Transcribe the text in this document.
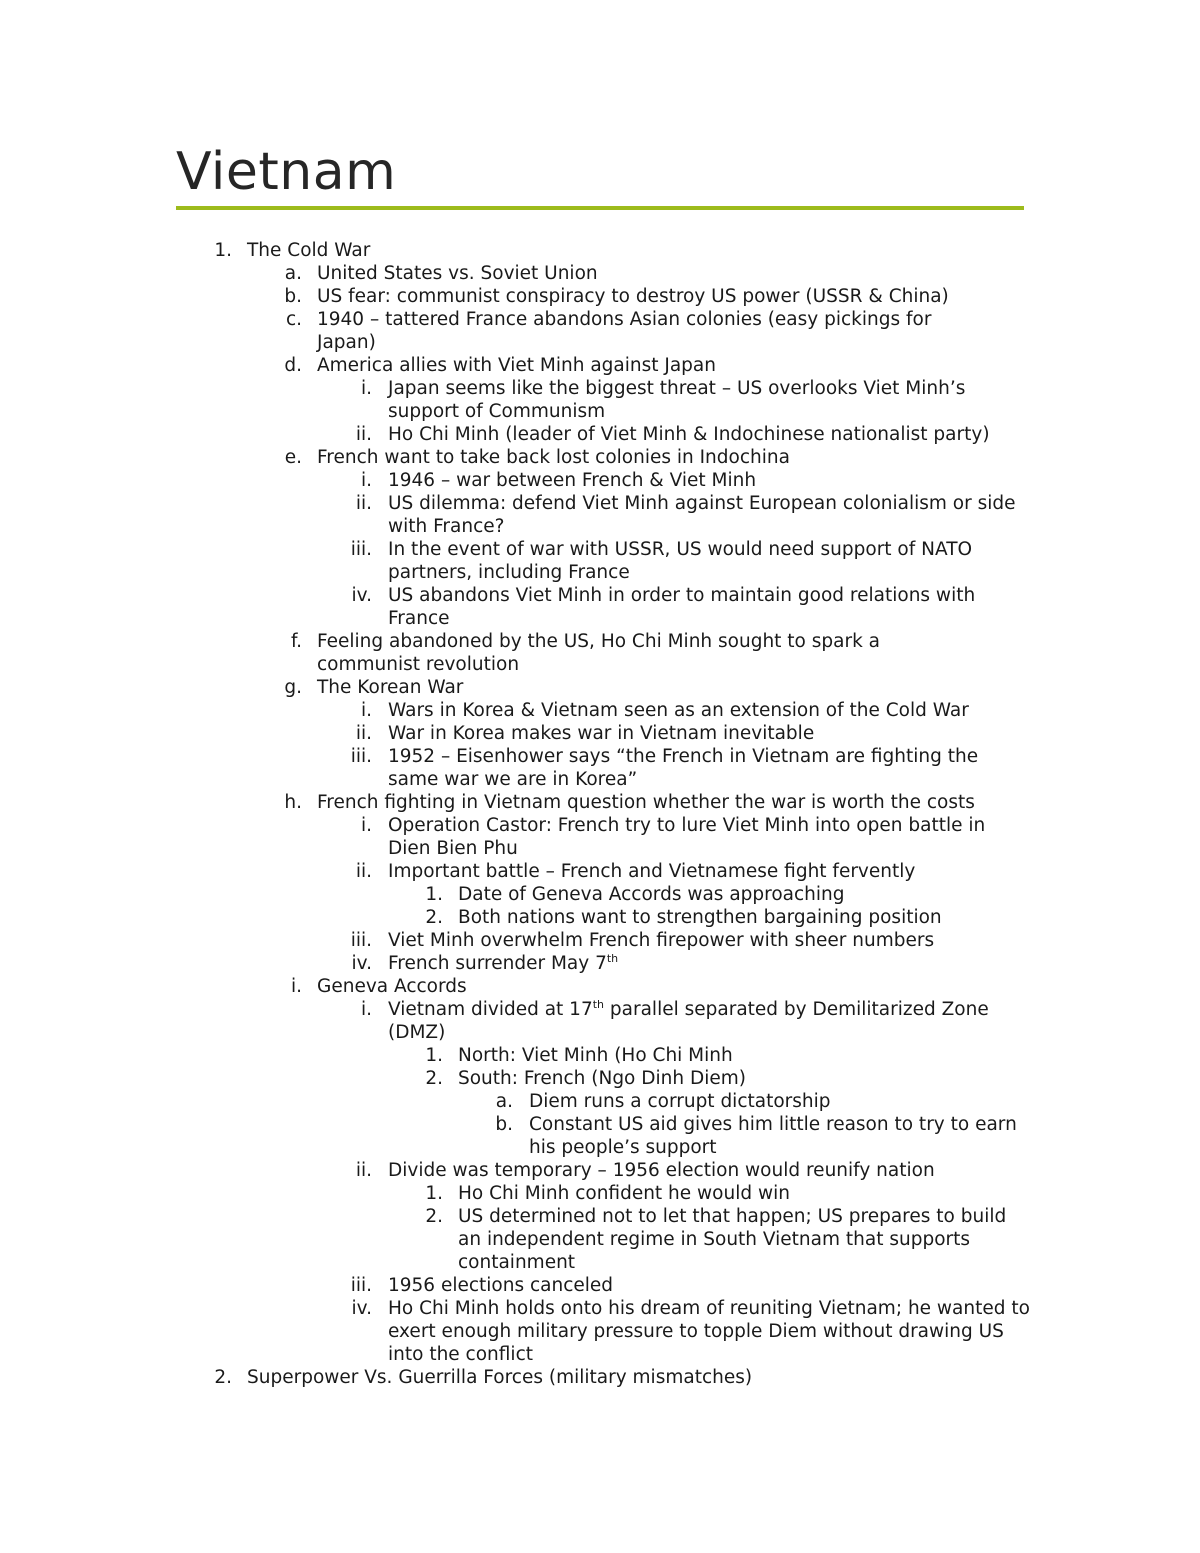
Vietnam
1. The Cold War
a. United States vs. Soviet Union
b. US fear: communist conspiracy to destroy US power (USSR & China)
c. 1940 – tattered France abandons Asian colonies (easy pickings for Japan)
d. America allies with Viet Minh against Japan
i. Japan seems like the biggest threat – US overlooks Viet Minh’s support of Communism
ii. Ho Chi Minh (leader of Viet Minh & Indochinese nationalist party)
e. French want to take back lost colonies in Indochina
i. 1946 – war between French & Viet Minh
ii. US dilemma: defend Viet Minh against European colonialism or side with France?
iii. In the event of war with USSR, US would need support of NATO partners, including France
iv. US abandons Viet Minh in order to maintain good relations with France
f. Feeling abandoned by the US, Ho Chi Minh sought to spark a communist revolution
g. The Korean War
i. Wars in Korea & Vietnam seen as an extension of the Cold War
ii. War in Korea makes war in Vietnam inevitable
iii. 1952 – Eisenhower says “the French in Vietnam are fighting the same war we are in Korea”
h. French fighting in Vietnam question whether the war is worth the costs
i. Operation Castor: French try to lure Viet Minh into open battle in Dien Bien Phu
ii. Important battle – French and Vietnamese fight fervently
1. Date of Geneva Accords was approaching
2. Both nations want to strengthen bargaining position
iii. Viet Minh overwhelm French firepower with sheer numbers
iv. French surrender May 7th
i. Geneva Accords
i. Vietnam divided at 17th parallel separated by Demilitarized Zone (DMZ)
1. North: Viet Minh (Ho Chi Minh
2. South: French (Ngo Dinh Diem)
a. Diem runs a corrupt dictatorship
b. Constant US aid gives him little reason to try to earn his people’s support
ii. Divide was temporary – 1956 election would reunify nation
1. Ho Chi Minh confident he would win
2. US determined not to let that happen; US prepares to build an independent regime in South Vietnam that supports containment
iii. 1956 elections canceled
iv. Ho Chi Minh holds onto his dream of reuniting Vietnam; he wanted to exert enough military pressure to topple Diem without drawing US into the conflict
2. Superpower Vs. Guerrilla Forces (military mismatches)
